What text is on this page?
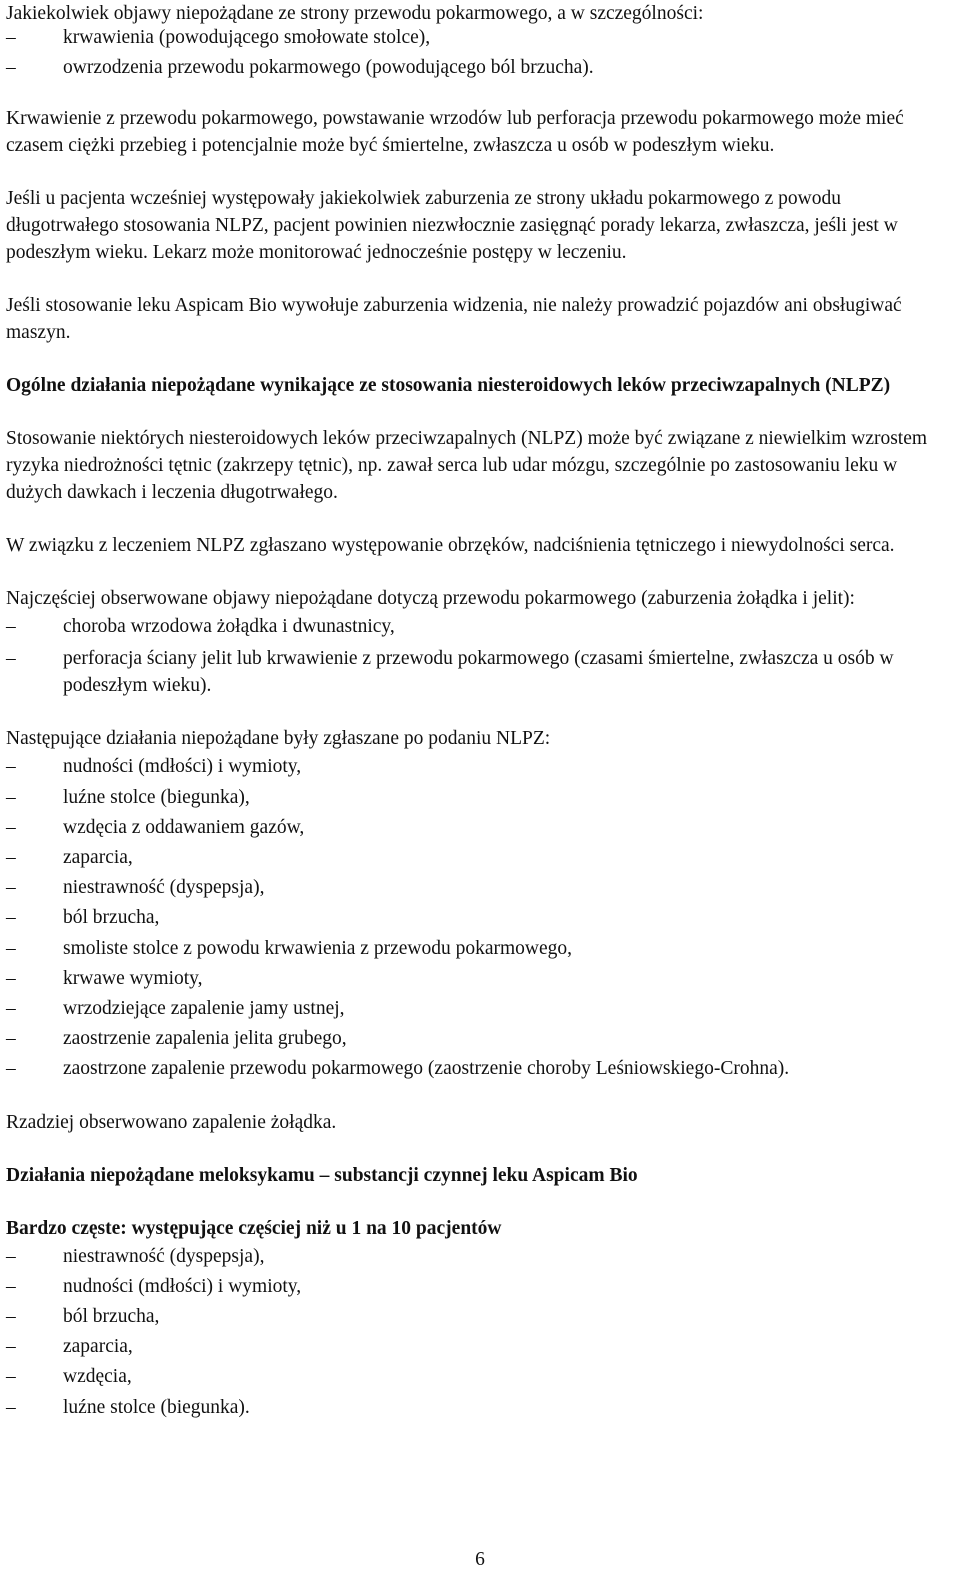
Jakiekolwiek objawy niepożądane ze strony przewodu pokarmowego, a w szczególności:

–	krwawienia (powodującego smołowate stolce),
–	owrzodzenia przewodu pokarmowego (powodującego ból brzucha).

Krwawienie z przewodu pokarmowego, powstawanie wrzodów lub perforacja przewodu pokarmowego może mieć czasem ciężki przebieg i potencjalnie może być śmiertelne, zwłaszcza u osób w podeszłym wieku.

Jeśli u pacjenta wcześniej występowały jakiekolwiek zaburzenia ze strony układu pokarmowego z powodu długotrwałego stosowania NLPZ, pacjent powinien niezwłocznie zasięgnąć porady lekarza, zwłaszcza, jeśli jest w podeszłym wieku. Lekarz może monitorować jednocześnie postępy w leczeniu.

Jeśli stosowanie leku Aspicam Bio wywołuje zaburzenia widzenia, nie należy prowadzić pojazdów ani obsługiwać maszyn.

Ogólne działania niepożądane wynikające ze stosowania niesteroidowych leków przeciwzapalnych (NLPZ)

Stosowanie niektórych niesteroidowych leków przeciwzapalnych (NLPZ) może być związane z niewielkim wzrostem ryzyka niedrożności tętnic (zakrzepy tętnic), np. zawał serca lub udar mózgu, szczególnie po zastosowaniu leku w dużych dawkach i leczenia długotrwałego.

W związku z leczeniem NLPZ zgłaszano występowanie obrzęków, nadciśnienia tętniczego i niewydolności serca.

Najczęściej obserwowane objawy niepożądane dotyczą przewodu pokarmowego (zaburzenia żołądka i jelit):

–	choroba wrzodowa żołądka i dwunastnicy,
–	perforacja ściany jelit lub krwawienie z przewodu pokarmowego (czasami śmiertelne, zwłaszcza u osób w podeszłym wieku).

Następujące działania niepożądane były zgłaszane po podaniu NLPZ:

–	nudności (mdłości) i wymioty,
–	luźne stolce (biegunka),
–	wzdęcia z oddawaniem gazów,
–	zaparcia,
–	niestrawność (dyspepsja),
–	ból brzucha,
–	smoliste stolce z powodu krwawienia z przewodu pokarmowego,
–	krwawe wymioty,
–	wrzodziejące zapalenie jamy ustnej,
–	zaostrzenie zapalenia jelita grubego,
–	zaostrzone zapalenie przewodu pokarmowego (zaostrzenie choroby Leśniowskiego-Crohna).

Rzadziej obserwowano zapalenie żołądka.

Działania niepożądane meloksykamu – substancji czynnej leku Aspicam Bio

Bardzo częste: występujące częściej niż u 1 na 10 pacjentów

–	niestrawność (dyspepsja),
–	nudności (mdłości) i wymioty,
–	ból brzucha,
–	zaparcia,
–	wzdęcia,
–	luźne stolce (biegunka).
6
